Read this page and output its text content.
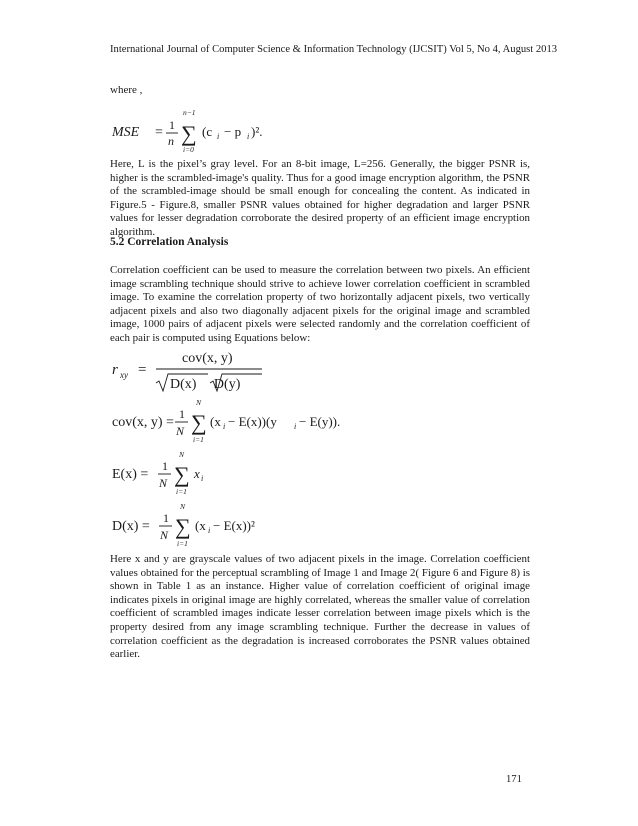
International Journal of Computer Science & Information Technology (IJCSIT) Vol 5, No 4, August 2013
where ,
MSE = 1
n
n−1
∑
i=0
(c i − p i )².

Here, L is the pixel’s gray level. For an 8-bit image, L=256. Generally, the bigger PSNR is, higher is the scrambled-image's quality. Thus for a good image encryption algorithm, the PSNR of the scrambled-image should be small enough for concealing the content. As indicated in Figure.5 - Figure.8, smaller PSNR values obtained for higher degradation and larger PSNR values for lesser degradation corroborate the desired property of an efficient image encryption algorithm.

5.2 Correlation Analysis

Correlation coefficient can be used to measure the correlation between two pixels. An efficient image scrambling technique should strive to achieve lower correlation coefficient in scrambled image. To examine the correlation property of two horizontally adjacent pixels, two vertically adjacent pixels and also two diagonally adjacent pixels for the original image and scrambled image, 1000 pairs of adjacent pixels were selected randomly and the correlation coefficient of each pair is computed using Equations below:

r xy =
cov(x, y)
D(x) D(y)
cov(x, y) =
1
N
N
∑
i=1
(x i − E(x))(y i − E(y)).
E(x) =
1
N
N
∑
i=1
x i
D(x) =
1
N
N
∑
i=1
(x i − E(x))²

Here x and y are grayscale values of two adjacent pixels in the image. Correlation coefficient values obtained for the perceptual scrambling of Image 1 and Image 2( Figure 6 and Figure 8) is shown in Table 1 as an instance. Higher value of correlation coefficient of original image indicates pixels in original image are highly correlated, whereas the smaller value of correlation coefficient of scrambled images indicate lesser correlation between image pixels which is the property desired from any image scrambling technique. Further the decrease in values of correlation coefficient as the degradation is increased corroborates the PSNR values obtained earlier.

171
